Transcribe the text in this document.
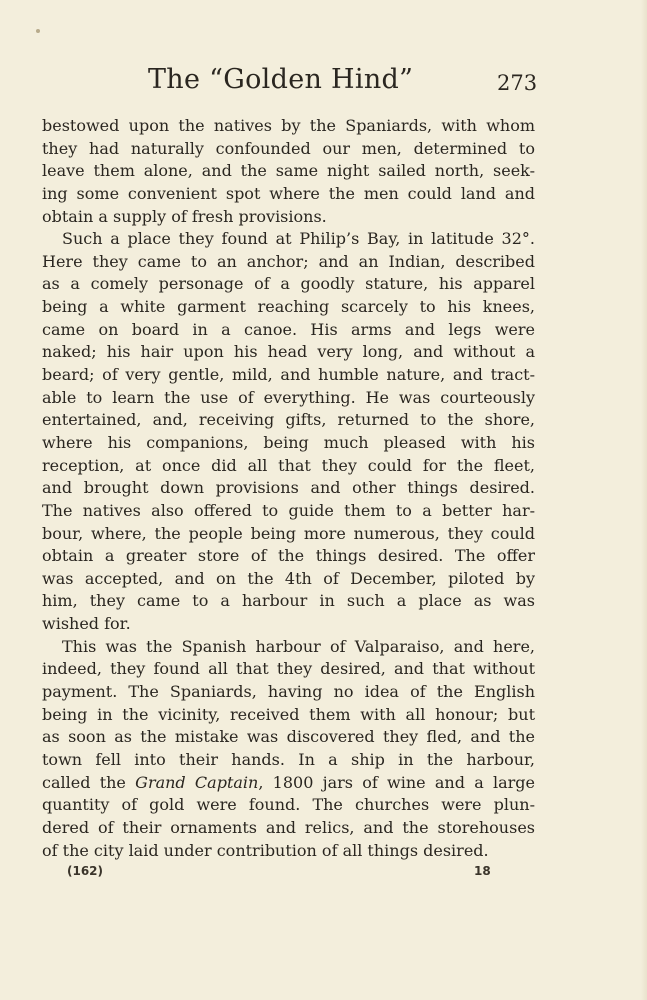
The “Golden Hind”	273
bestowed upon the natives by the Spaniards, with whom
they had naturally confounded our men, determined to
leave them alone, and the same night sailed north, seek-
ing some convenient spot where the men could land and
obtain a supply of fresh provisions.
Such a place they found at Philip’s Bay, in latitude 32°.
Here they came to an anchor; and an Indian, described
as a comely personage of a goodly stature, his apparel
being a white garment reaching scarcely to his knees,
came on board in a canoe. His arms and legs were
naked; his hair upon his head very long, and without a
beard; of very gentle, mild, and humble nature, and tract-
able to learn the use of everything. He was courteously
entertained, and, receiving gifts, returned to the shore,
where his companions, being much pleased with his
reception, at once did all that they could for the fleet,
and brought down provisions and other things desired.
The natives also offered to guide them to a better har-
bour, where, the people being more numerous, they could
obtain a greater store of the things desired. The offer
was accepted, and on the 4th of December, piloted by
him, they came to a harbour in such a place as was
wished for.
This was the Spanish harbour of Valparaiso, and here,
indeed, they found all that they desired, and that without
payment. The Spaniards, having no idea of the English
being in the vicinity, received them with all honour; but
as soon as the mistake was discovered they fled, and the
town fell into their hands. In a ship in the harbour,
called the Grand Captain, 1800 jars of wine and a large
quantity of gold were found. The churches were plun-
dered of their ornaments and relics, and the storehouses
of the city laid under contribution of all things desired.
(162)	18
